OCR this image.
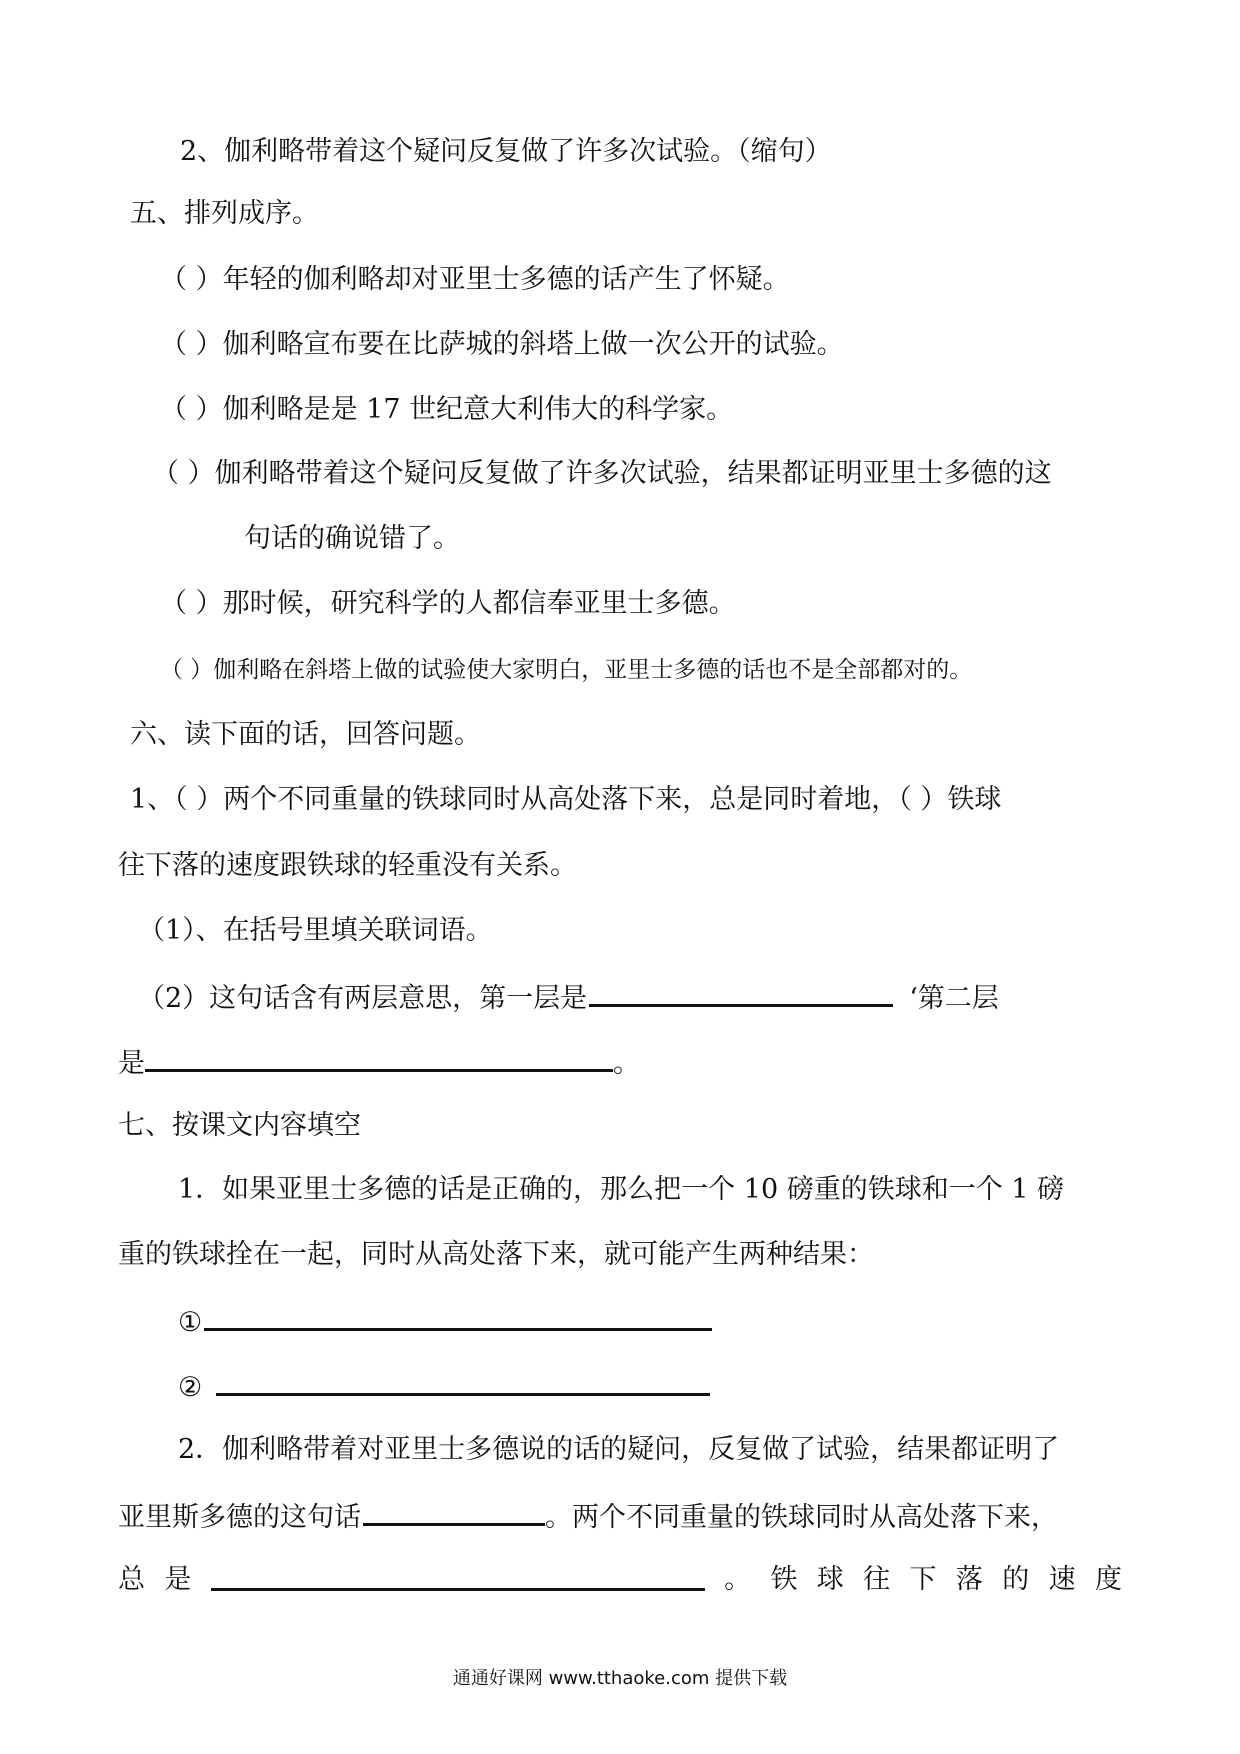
2、伽利略带着这个疑问反复做了许多次试验。（缩句）
五、排列成序。
（ ）年轻的伽利略却对亚里士多德的话产生了怀疑。
（ ）伽利略宣布要在比萨城的斜塔上做一次公开的试验。
（ ）伽利略是是 17 世纪意大利伟大的科学家。
（ ）伽利略带着这个疑问反复做了许多次试验，结果都证明亚里士多德的这
句话的确说错了。
（ ）那时候，研究科学的人都信奉亚里士多德。
（ ）伽利略在斜塔上做的试验使大家明白，亚里士多德的话也不是全部都对的。
六、读下面的话，回答问题。
1、（ ）两个不同重量的铁球同时从高处落下来，总是同时着地，（ ）铁球
往下落的速度跟铁球的轻重没有关系。
（1）、在括号里填关联词语。
（2）这句话含有两层意思，第一层是	‘第二层
是	。
七、按课文内容填空
1．如果亚里士多德的话是正确的，那么把一个 10 磅重的铁球和一个 1 磅
重的铁球拴在一起，同时从高处落下来，就可能产生两种结果：
①
②
2．伽利略带着对亚里士多德说的话的疑问，反复做了试验，结果都证明了
亚里斯多德的这句话	。两个不同重量的铁球同时从高处落下来，
总 是	。 铁 球 往 下 落 的 速 度
通通好课网 www.tthaoke.com 提供下载
